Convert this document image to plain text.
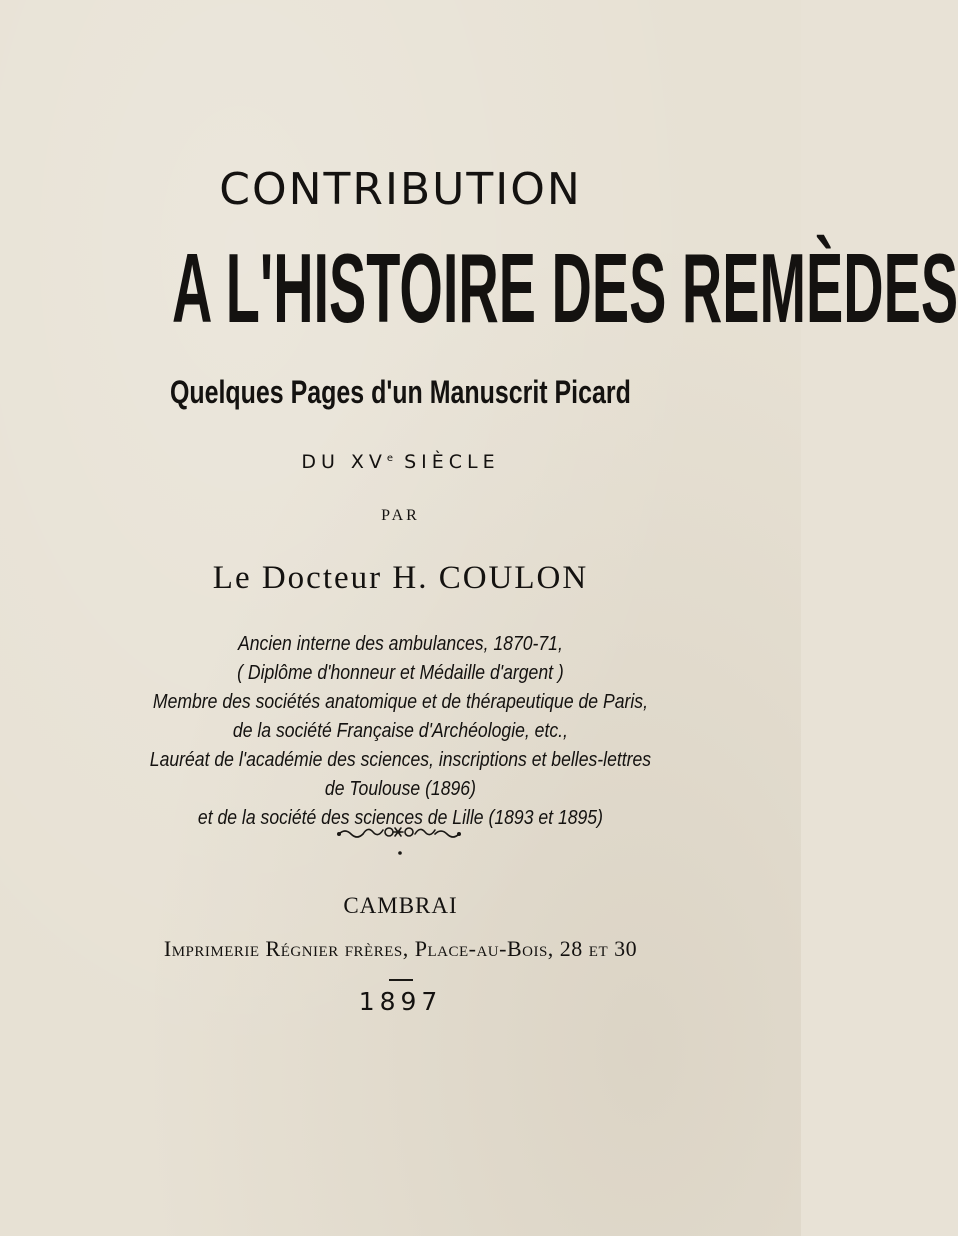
CONTRIBUTION
A L'HISTOIRE DES REMÈDES
Quelques Pages d'un Manuscrit Picard
DU XVe SIÈCLE
PAR
Le Docteur H. COULON
Ancien interne des ambulances, 1870-71,
( Diplôme d'honneur et Médaille d'argent )
Membre des sociétés anatomique et de thérapeutique de Paris,
de la société Française d'Archéologie, etc.,
Lauréat de l'académie des sciences, inscriptions et belles-lettres
de Toulouse (1896)
et de la société des sciences de Lille (1893 et 1895)
CAMBRAI
Imprimerie Régnier frères, Place-au-Bois, 28 et 30
1897
